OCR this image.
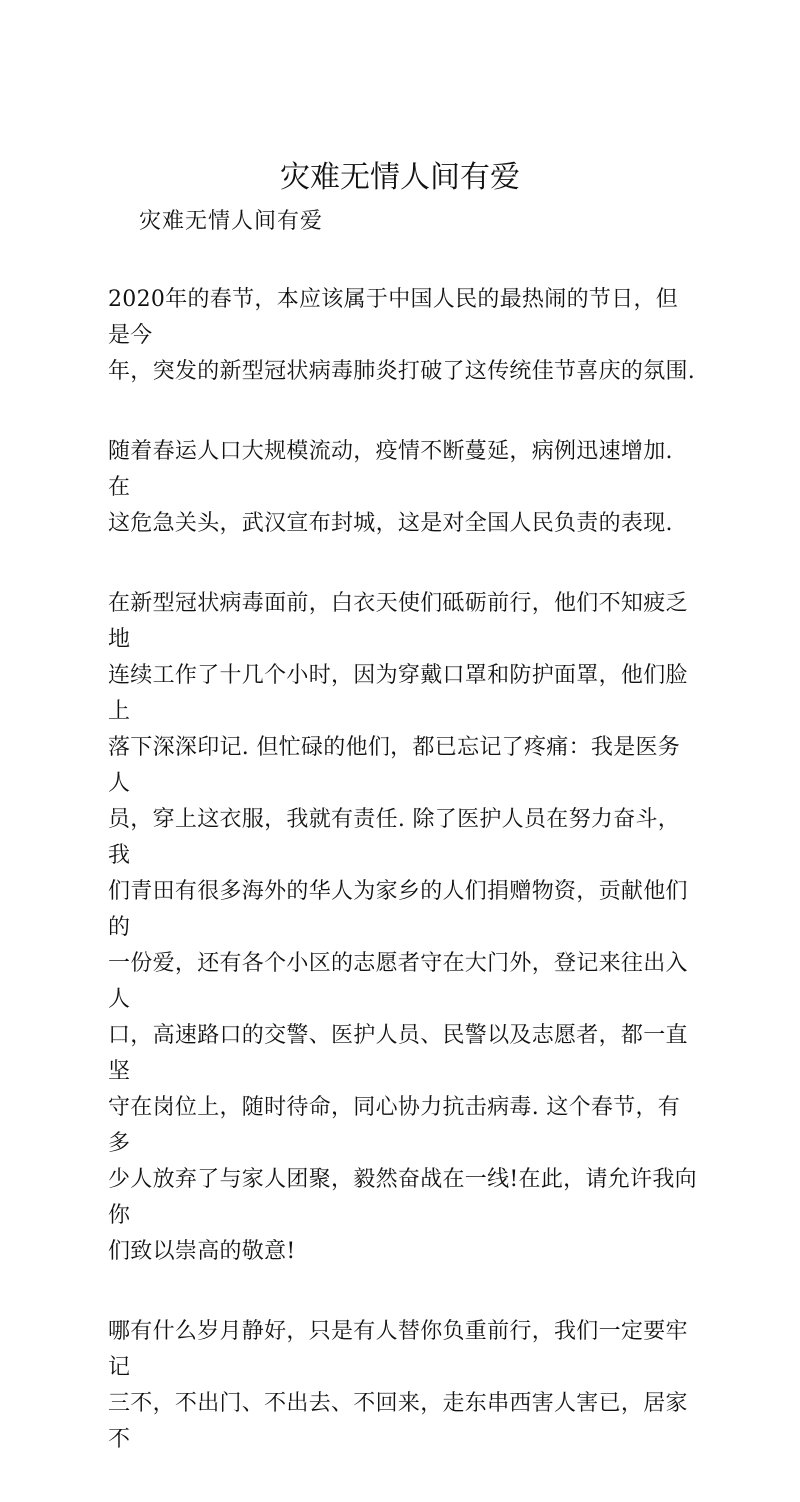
灾难无情人间有爱

灾难无情人间有爱

2020年的春节，本应该属于中国人民的最热闹的节日，但是今
年，突发的新型冠状病毒肺炎打破了这传统佳节喜庆的氛围.

随着春运人口大规模流动，疫情不断蔓延，病例迅速增加. 在
这危急关头，武汉宣布封城，这是对全国人民负责的表现.

在新型冠状病毒面前，白衣天使们砥砺前行，他们不知疲乏地
连续工作了十几个小时，因为穿戴口罩和防护面罩，他们脸上
落下深深印记. 但忙碌的他们，都已忘记了疼痛：我是医务人
员，穿上这衣服，我就有责任. 除了医护人员在努力奋斗，我
们青田有很多海外的华人为家乡的人们捐赠物资，贡献他们的
一份爱，还有各个小区的志愿者守在大门外，登记来往出入人
口，高速路口的交警、医护人员、民警以及志愿者，都一直坚
守在岗位上，随时待命，同心协力抗击病毒. 这个春节，有多
少人放弃了与家人团聚，毅然奋战在一线!在此，请允许我向你
们致以崇高的敬意!

哪有什么岁月静好，只是有人替你负重前行，我们一定要牢记
三不，不出门、不出去、不回来，走东串西害人害已，居家不
